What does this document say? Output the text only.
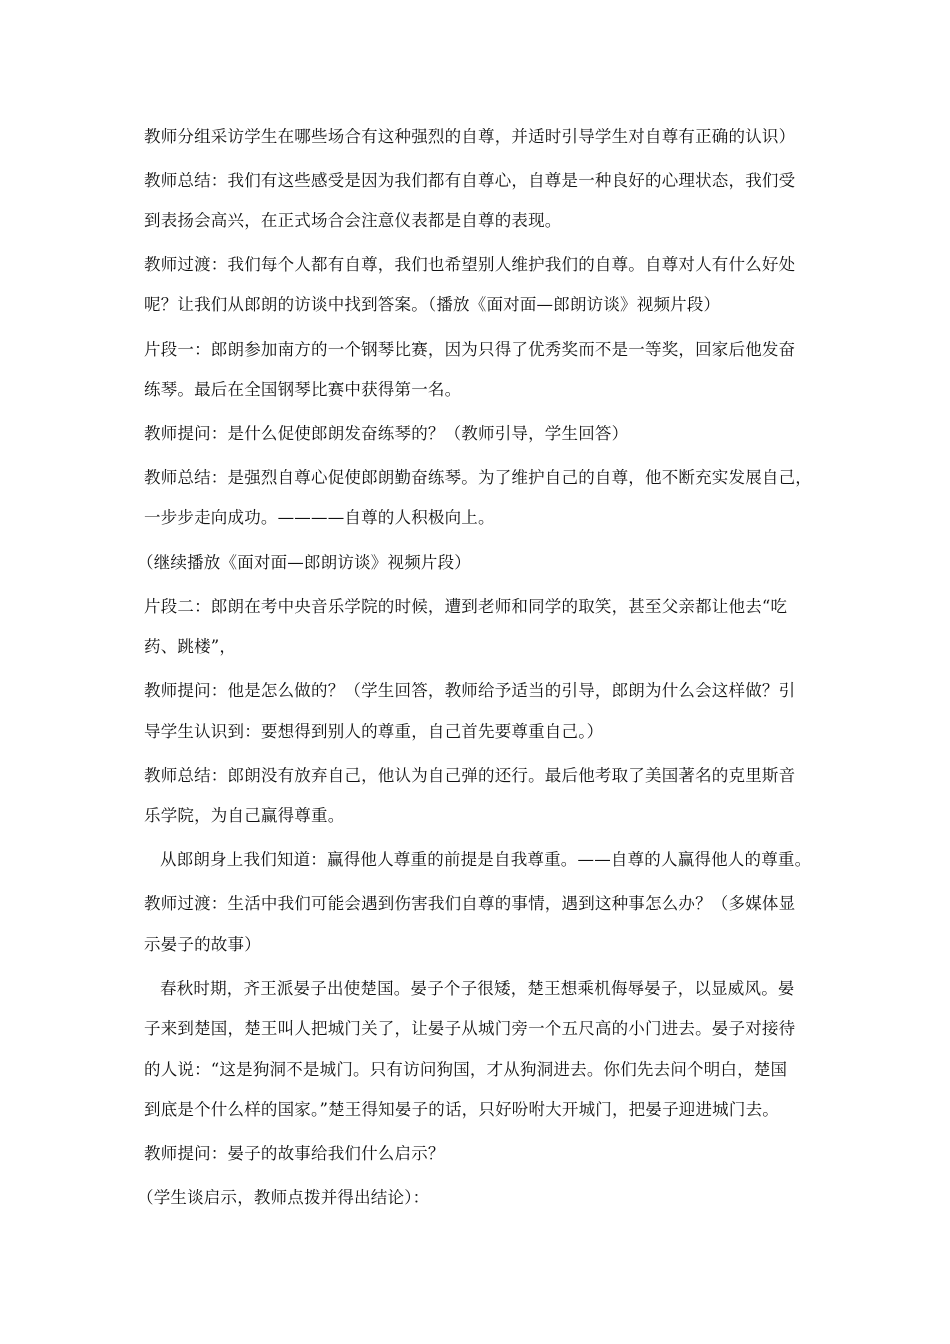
教师分组采访学生在哪些场合有这种强烈的自尊，并适时引导学生对自尊有正确的认识）
教师总结：我们有这些感受是因为我们都有自尊心，自尊是一种良好的心理状态，我们受
到表扬会高兴，在正式场合会注意仪表都是自尊的表现。
教师过渡：我们每个人都有自尊，我们也希望别人维护我们的自尊。自尊对人有什么好处
呢？让我们从郎朗的访谈中找到答案。（播放《面对面—郎朗访谈》视频片段）
片段一：郎朗参加南方的一个钢琴比赛，因为只得了优秀奖而不是一等奖，回家后他发奋
练琴。最后在全国钢琴比赛中获得第一名。
教师提问：是什么促使郎朗发奋练琴的？（教师引导，学生回答）
教师总结：是强烈自尊心促使郎朗勤奋练琴。为了维护自己的自尊，他不断充实发展自己，
一步步走向成功。————自尊的人积极向上。
（继续播放《面对面—郎朗访谈》视频片段）
片段二：郎朗在考中央音乐学院的时候，遭到老师和同学的取笑，甚至父亲都让他去“吃
药、跳楼”，
教师提问：他是怎么做的？（学生回答，教师给予适当的引导，郎朗为什么会这样做？引
导学生认识到：要想得到别人的尊重，自己首先要尊重自己。）
教师总结：郎朗没有放弃自己，他认为自己弹的还行。最后他考取了美国著名的克里斯音
乐学院，为自己赢得尊重。
从郎朗身上我们知道：赢得他人尊重的前提是自我尊重。——自尊的人赢得他人的尊重。
教师过渡：生活中我们可能会遇到伤害我们自尊的事情，遇到这种事怎么办？（多媒体显
示晏子的故事）
春秋时期，齐王派晏子出使楚国。晏子个子很矮，楚王想乘机侮辱晏子，以显威风。晏
子来到楚国，楚王叫人把城门关了，让晏子从城门旁一个五尺高的小门进去。晏子对接待
的人说：“这是狗洞不是城门。只有访问狗国，才从狗洞进去。你们先去问个明白，楚国
到底是个什么样的国家。”楚王得知晏子的话，只好吩咐大开城门，把晏子迎进城门去。
教师提问：晏子的故事给我们什么启示？
（学生谈启示，教师点拨并得出结论）：
